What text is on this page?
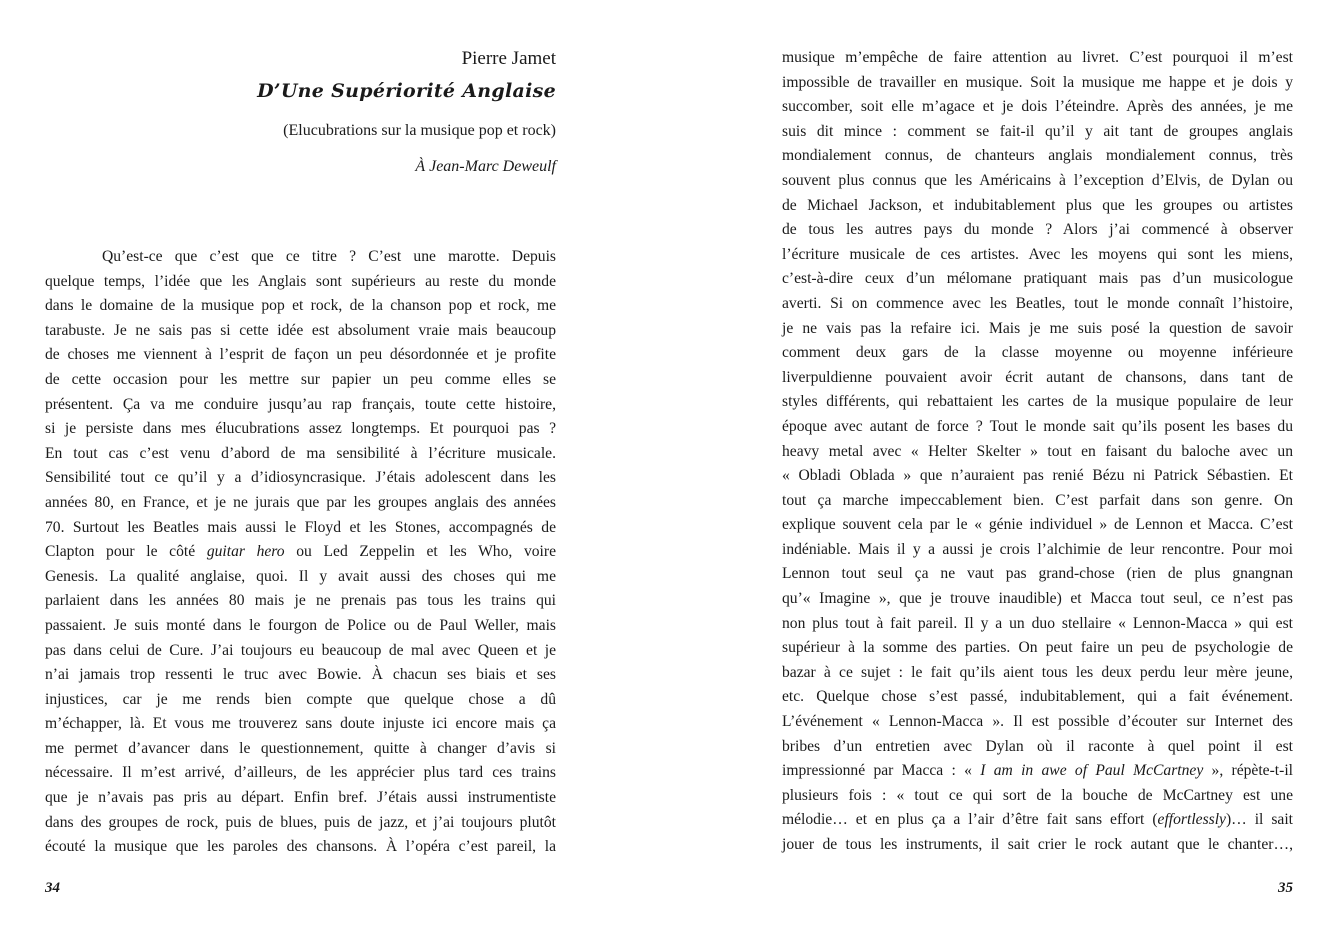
Pierre Jamet
D’Une Supériorité Anglaise
(Elucubrations sur la musique pop et rock)
À Jean-Marc Deweulf
Qu’est-ce que c’est que ce titre ? C’est une marotte. Depuis
quelque temps, l’idée que les Anglais sont supérieurs au reste du monde
dans le domaine de la musique pop et rock, de la chanson pop et rock, me
tarabuste. Je ne sais pas si cette idée est absolument vraie mais beaucoup
de choses me viennent à l’esprit de façon un peu désordonnée et je profite
de cette occasion pour les mettre sur papier un peu comme elles se
présentent. Ça va me conduire jusqu’au rap français, toute cette histoire,
si je persiste dans mes élucubrations assez longtemps. Et pourquoi pas ?
En tout cas c’est venu d’abord de ma sensibilité à l’écriture musicale.
Sensibilité tout ce qu’il y a d’idiosyncrasique. J’étais adolescent dans les
années 80, en France, et je ne jurais que par les groupes anglais des années
70. Surtout les Beatles mais aussi le Floyd et les Stones, accompagnés de
Clapton pour le côté guitar hero ou Led Zeppelin et les Who, voire
Genesis. La qualité anglaise, quoi. Il y avait aussi des choses qui me
parlaient dans les années 80 mais je ne prenais pas tous les trains qui
passaient. Je suis monté dans le fourgon de Police ou de Paul Weller, mais
pas dans celui de Cure. J’ai toujours eu beaucoup de mal avec Queen et je
n’ai jamais trop ressenti le truc avec Bowie. À chacun ses biais et ses
injustices, car je me rends bien compte que quelque chose a dû
m’échapper, là. Et vous me trouverez sans doute injuste ici encore mais ça
me permet d’avancer dans le questionnement, quitte à changer d’avis si
nécessaire. Il m’est arrivé, d’ailleurs, de les apprécier plus tard ces trains
que je n’avais pas pris au départ. Enfin bref. J’étais aussi instrumentiste
dans des groupes de rock, puis de blues, puis de jazz, et j’ai toujours plutôt
écouté la musique que les paroles des chansons. À l’opéra c’est pareil, la
34
musique m’empêche de faire attention au livret. C’est pourquoi il m’est
impossible de travailler en musique. Soit la musique me happe et je dois y
succomber, soit elle m’agace et je dois l’éteindre. Après des années, je me
suis dit mince : comment se fait-il qu’il y ait tant de groupes anglais
mondialement connus, de chanteurs anglais mondialement connus, très
souvent plus connus que les Américains à l’exception d’Elvis, de Dylan ou
de Michael Jackson, et indubitablement plus que les groupes ou artistes
de tous les autres pays du monde ? Alors j’ai commencé à observer
l’écriture musicale de ces artistes. Avec les moyens qui sont les miens,
c’est-à-dire ceux d’un mélomane pratiquant mais pas d’un musicologue
averti. Si on commence avec les Beatles, tout le monde connaît l’histoire,
je ne vais pas la refaire ici. Mais je me suis posé la question de savoir
comment deux gars de la classe moyenne ou moyenne inférieure
liverpuldienne pouvaient avoir écrit autant de chansons, dans tant de
styles différents, qui rebattaient les cartes de la musique populaire de leur
époque avec autant de force ? Tout le monde sait qu’ils posent les bases du
heavy metal avec « Helter Skelter » tout en faisant du baloche avec un
« Obladi Oblada » que n’auraient pas renié Bézu ni Patrick Sébastien. Et
tout ça marche impeccablement bien. C’est parfait dans son genre. On
explique souvent cela par le « génie individuel » de Lennon et Macca. C’est
indéniable. Mais il y a aussi je crois l’alchimie de leur rencontre. Pour moi
Lennon tout seul ça ne vaut pas grand-chose (rien de plus gnangnan
qu’« Imagine », que je trouve inaudible) et Macca tout seul, ce n’est pas
non plus tout à fait pareil. Il y a un duo stellaire « Lennon-Macca » qui est
supérieur à la somme des parties. On peut faire un peu de psychologie de
bazar à ce sujet : le fait qu’ils aient tous les deux perdu leur mère jeune,
etc. Quelque chose s’est passé, indubitablement, qui a fait événement.
L’événement « Lennon-Macca ». Il est possible d’écouter sur Internet des
bribes d’un entretien avec Dylan où il raconte à quel point il est
impressionné par Macca : « I am in awe of Paul McCartney », répète-t-il
plusieurs fois : « tout ce qui sort de la bouche de McCartney est une
mélodie… et en plus ça a l’air d’être fait sans effort (effortlessly)… il sait
jouer de tous les instruments, il sait crier le rock autant que le chanter…,
35
